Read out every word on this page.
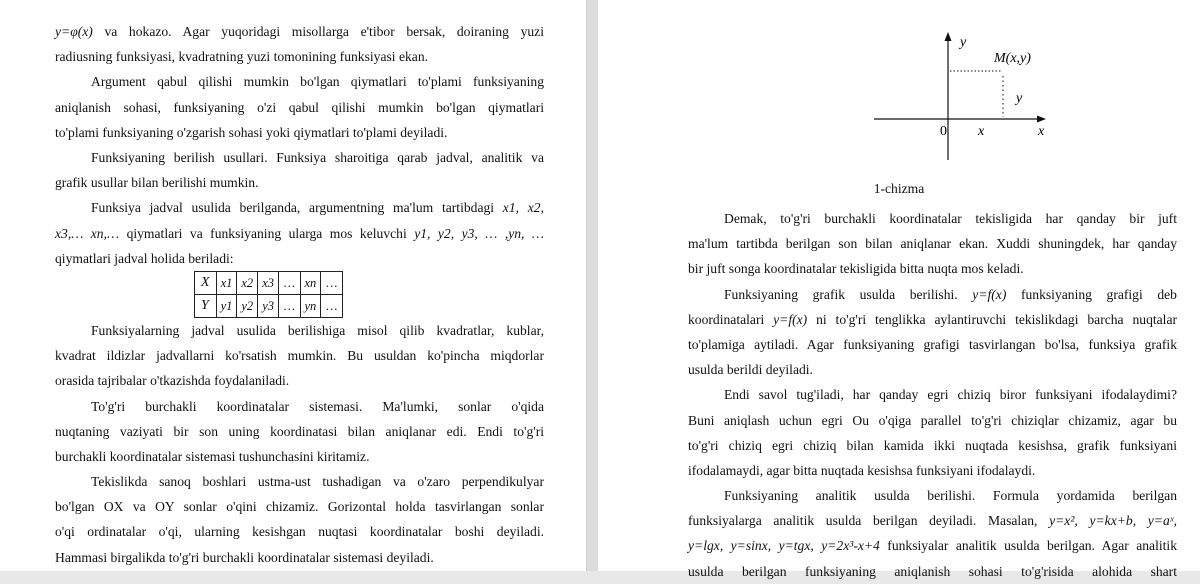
y=φ(x) va hokazo. Agar yuqoridagi misollarga e'tibor bersak, doiraning yuzi
radiusning funksiyasi, kvadratning yuzi tomonining funksiyasi ekan.
Argument qabul qilishi mumkin bo'lgan qiymatlari to'plami funksiyaning
aniqlanish sohasi, funksiyaning o'zi qabul qilishi mumkin bo'lgan qiymatlari
to'plami funksiyaning o'zgarish sohasi yoki qiymatlari to'plami deyiladi.
Funksiyaning berilish usullari. Funksiya sharoitiga qarab jadval, analitik va
grafik usullar bilan berilishi mumkin.
Funksiya jadval usulida berilganda, argumentning ma'lum tartibdagi x1, x2,
x3,… xn,… qiymatlari va funksiyaning ularga mos keluvchi y1, y2, y3, … ,yn, …
qiymatlari jadval holida beriladi:
X	x1	x2	x3	…	xn	…
Y	y1	y2	y3	…	yn	…
Funksiyalarning jadval usulida berilishiga misol qilib kvadratlar, kublar,
kvadrat ildizlar jadvallarni ko'rsatish mumkin. Bu usuldan ko'pincha miqdorlar
orasida tajribalar o'tkazishda foydalaniladi.
To'g'ri burchakli koordinatalar sistemasi. Ma'lumki, sonlar o'qida
nuqtaning vaziyati bir son uning koordinatasi bilan aniqlanar edi. Endi to'g'ri
burchakli koordinatalar sistemasi tushunchasini kiritamiz.
Tekislikda sanoq boshlari ustma-ust tushadigan va o'zaro perpendikulyar
bo'lgan OX va OY sonlar o'qini chizamiz. Gorizontal holda tasvirlangan sonlar
o'qi ordinatalar o'qi, ularning kesishgan nuqtasi koordinatalar boshi deyiladi.
Hammasi birgalikda to'g'ri burchakli koordinatalar sistemasi deyiladi.
y
M(x,y)
y
0 x	x
1-chizma
Demak, to'g'ri burchakli koordinatalar tekisligida har qanday bir juft
ma'lum tartibda berilgan son bilan aniqlanar ekan. Xuddi shuningdek, har qanday
bir juft songa koordinatalar tekisligida bitta nuqta mos keladi.
Funksiyaning grafik usulda berilishi. y=f(x) funksiyaning grafigi deb
koordinatalari y=f(x) ni to'g'ri tenglikka aylantiruvchi tekislikdagi barcha nuqtalar
to'plamiga aytiladi. Agar funksiyaning grafigi tasvirlangan bo'lsa, funksiya grafik
usulda berildi deyiladi.
Endi savol tug'iladi, har qanday egri chiziq biror funksiyani ifodalaydimi?
Buni aniqlash uchun egri Ou o'qiga parallel to'g'ri chiziqlar chizamiz, agar bu
to'g'ri chiziq egri chiziq bilan kamida ikki nuqtada kesishsa, grafik funksiyani
ifodalamaydi, agar bitta nuqtada kesishsa funksiyani ifodalaydi.
Funksiyaning analitik usulda berilishi. Formula yordamida berilgan
funksiyalarga analitik usulda berilgan deyiladi. Masalan, y=x², y=kx+b, y=aˣ,
y=lgx, y=sinx, y=tgx, y=2x³-x+4 funksiyalar analitik usulda berilgan. Agar analitik
usulda berilgan funksiyaning aniqlanish sohasi to'g'risida alohida shart
